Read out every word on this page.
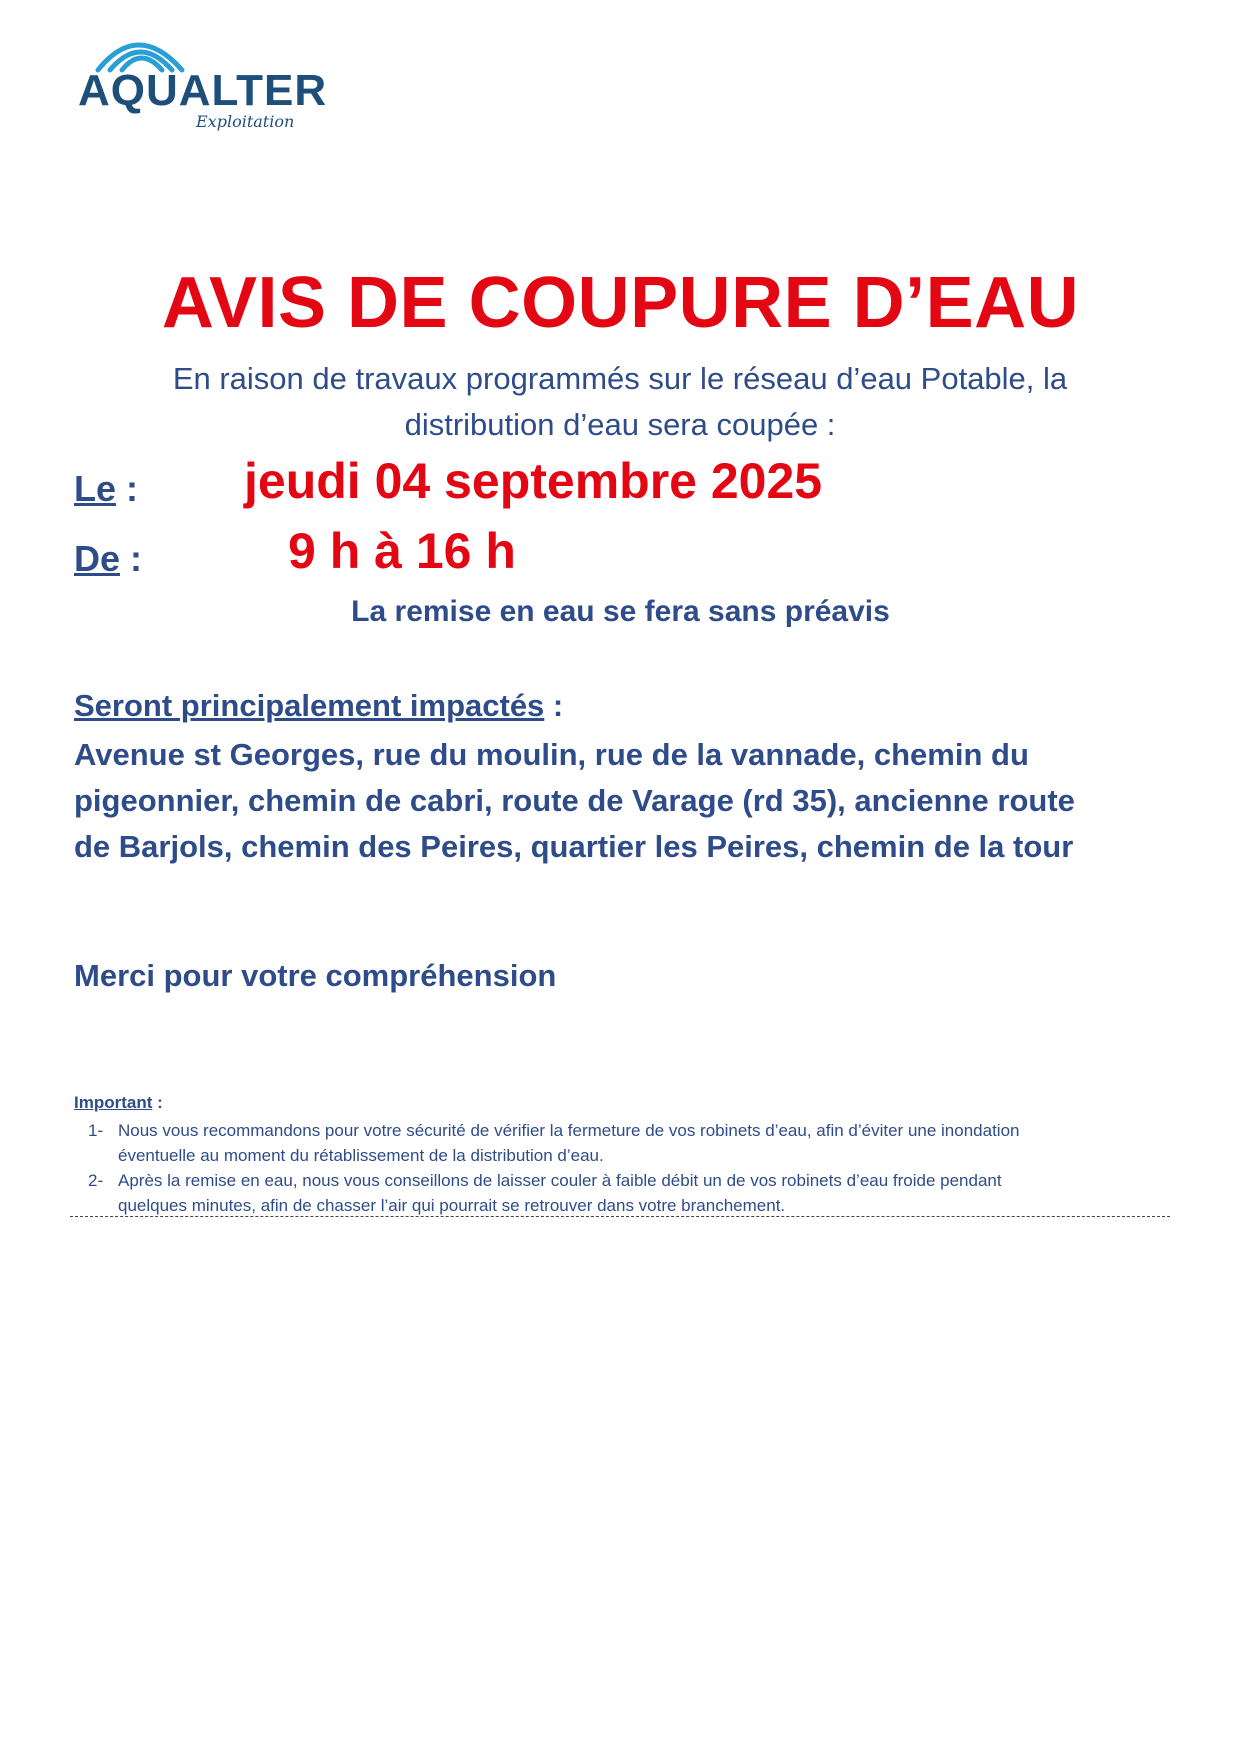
AQUALTER
Exploitation
AVIS DE COUPURE D’EAU
En raison de travaux programmés sur le réseau d’eau Potable, la
distribution d’eau sera coupée :
Le : jeudi 04 septembre 2025
De :	9 h à 16 h
La remise en eau se fera sans préavis
Seront principalement impactés :
Avenue st Georges, rue du moulin, rue de la vannade, chemin du
pigeonnier, chemin de cabri, route de Varage (rd 35), ancienne route
de Barjols, chemin des Peires, quartier les Peires, chemin de la tour
Merci pour votre compréhension
Important :
1- Nous vous recommandons pour votre sécurité de vérifier la fermeture de vos robinets d’eau, afin d’éviter une inondation
éventuelle au moment du rétablissement de la distribution d’eau.
2- Après la remise en eau, nous vous conseillons de laisser couler à faible débit un de vos robinets d’eau froide pendant
quelques minutes, afin de chasser l’air qui pourrait se retrouver dans votre branchement.
